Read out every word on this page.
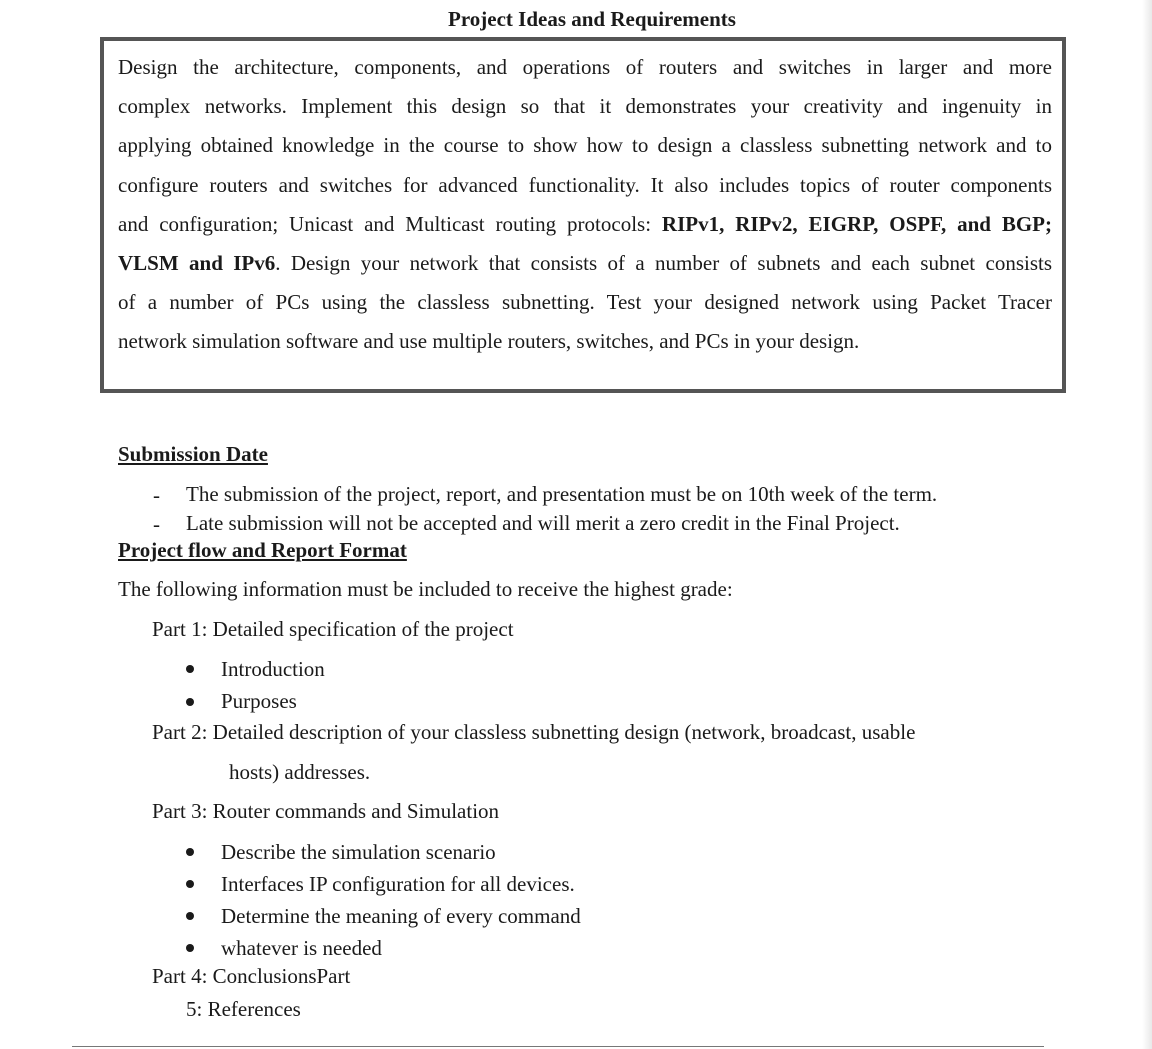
Project Ideas and Requirements
Design the architecture, components, and operations of routers and switches in larger and more
complex networks. Implement this design so that it demonstrates your creativity and ingenuity in
applying obtained knowledge in the course to show how to design a classless subnetting network and to
configure routers and switches for advanced functionality. It also includes topics of router components
and configuration; Unicast and Multicast routing protocols: RIPv1, RIPv2, EIGRP, OSPF, and BGP;
VLSM and IPv6. Design your network that consists of a number of subnets and each subnet consists
of a number of PCs using the classless subnetting. Test your designed network using Packet Tracer
network simulation software and use multiple routers, switches, and PCs in your design.
Submission Date
- The submission of the project, report, and presentation must be on 10th week of the term.
- Late submission will not be accepted and will merit a zero credit in the Final Project.
Project flow and Report Format
The following information must be included to receive the highest grade:
Part 1: Detailed specification of the project
Introduction
Purposes
Part 2: Detailed description of your classless subnetting design (network, broadcast, usable
hosts) addresses.
Part 3: Router commands and Simulation
Describe the simulation scenario
Interfaces IP configuration for all devices.
Determine the meaning of every command
whatever is needed
Part 4: ConclusionsPart
5: References
